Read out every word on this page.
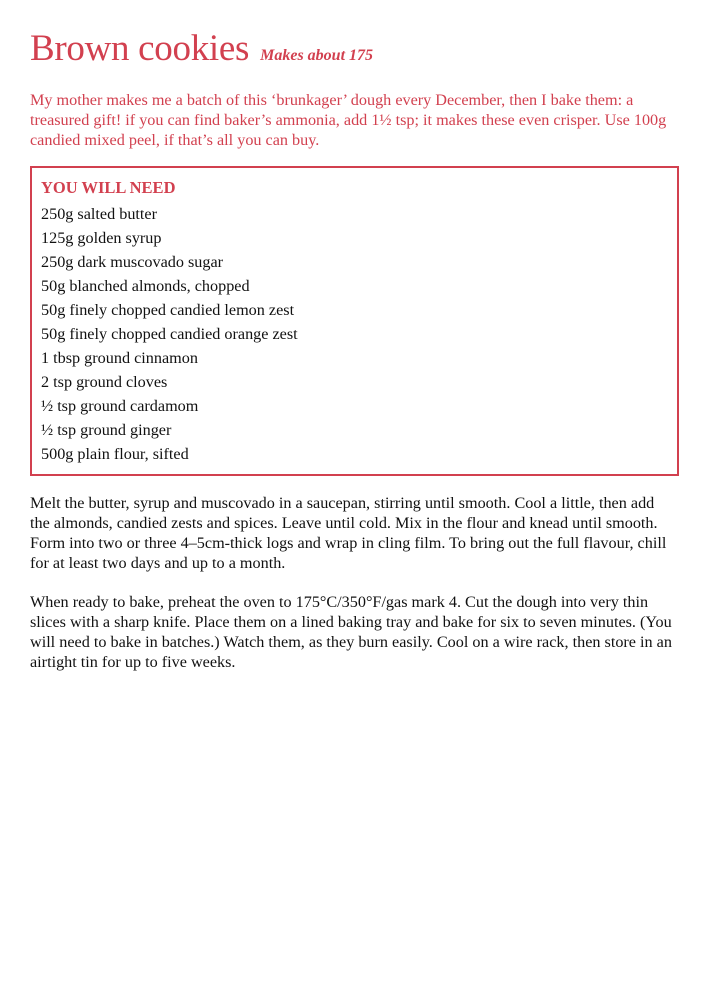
Brown cookies Makes about 175

My mother makes me a batch of this ‘brunkager’ dough every December, then I bake them: a treasured gift! if you can find baker’s ammonia, add 1½ tsp; it makes these even crisper. Use 100g candied mixed peel, if that’s all you can buy.

YOU WILL NEED
250g salted butter
125g golden syrup
250g dark muscovado sugar
50g blanched almonds, chopped
50g finely chopped candied lemon zest
50g finely chopped candied orange zest
1 tbsp ground cinnamon
2 tsp ground cloves
½ tsp ground cardamom
½ tsp ground ginger
500g plain flour, sifted

Melt the butter, syrup and muscovado in a saucepan, stirring until smooth. Cool a little, then add the almonds, candied zests and spices. Leave until cold. Mix in the flour and knead until smooth. Form into two or three 4–5cm-thick logs and wrap in cling film. To bring out the full flavour, chill for at least two days and up to a month.

When ready to bake, preheat the oven to 175°C/350°F/gas mark 4. Cut the dough into very thin slices with a sharp knife. Place them on a lined baking tray and bake for six to seven minutes. (You will need to bake in batches.) Watch them, as they burn easily. Cool on a wire rack, then store in an airtight tin for up to five weeks.
